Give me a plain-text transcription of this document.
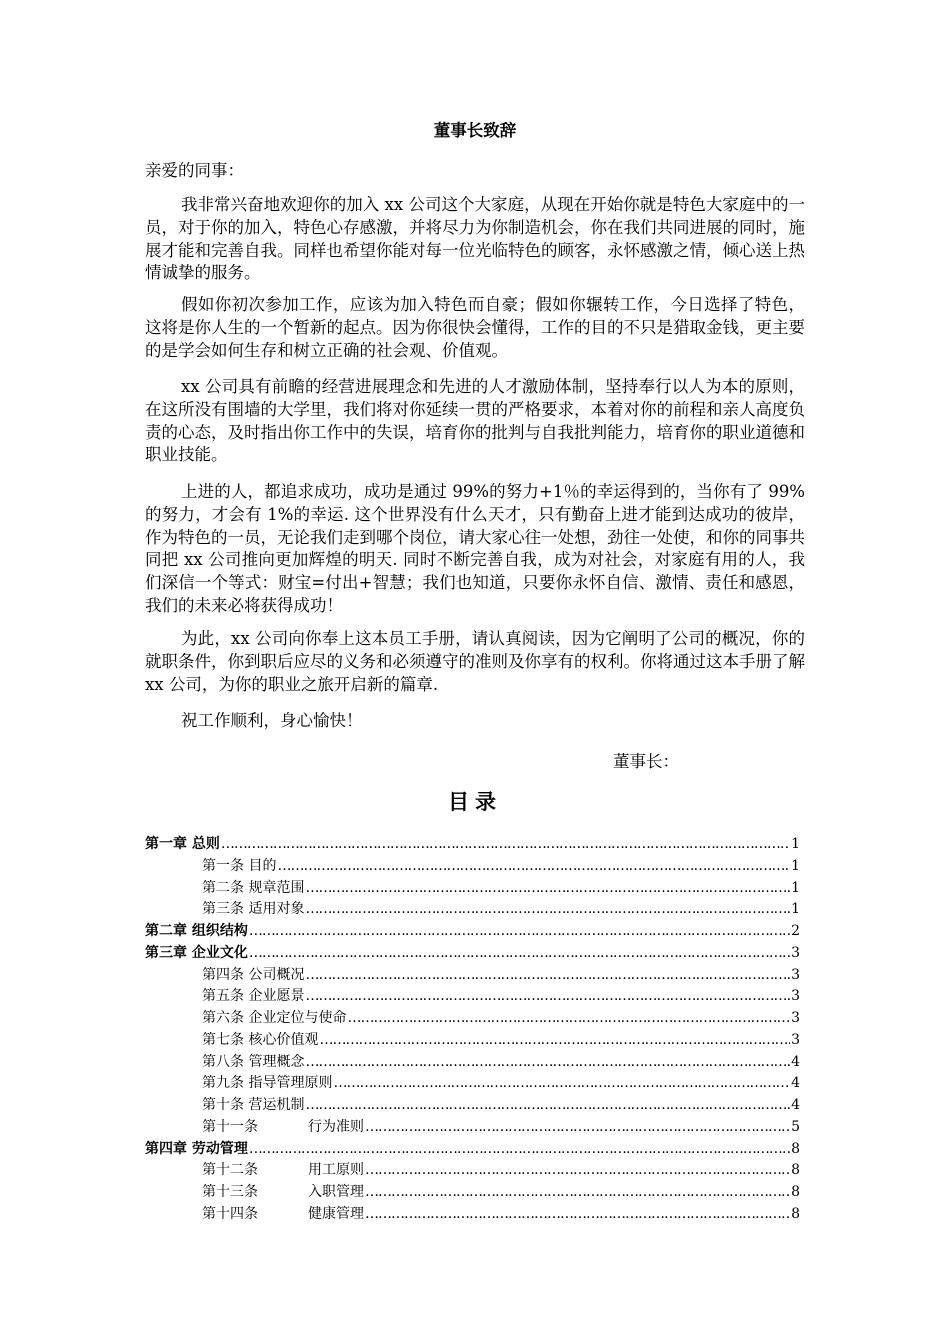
董事长致辞
亲爱的同事：

我非常兴奋地欢迎你的加入 xx 公司这个大家庭，从现在开始你就是特色大家庭中的一员，对于你的加入，特色心存感激，并将尽力为你制造机会，你在我们共同进展的同时，施展才能和完善自我。同样也希望你能对每一位光临特色的顾客，永怀感激之情，倾心送上热情诚挚的服务。

假如你初次参加工作，应该为加入特色而自豪；假如你辗转工作，今日选择了特色，这将是你人生的一个暂新的起点。因为你很快会懂得，工作的目的不只是猎取金钱，更主要的是学会如何生存和树立正确的社会观、价值观。

xx 公司具有前瞻的经营进展理念和先进的人才激励体制，坚持奉行以人为本的原则，在这所没有围墙的大学里，我们将对你延续一贯的严格要求，本着对你的前程和亲人高度负责的心态，及时指出你工作中的失误，培育你的批判与自我批判能力，培育你的职业道德和职业技能。

上进的人，都追求成功，成功是通过 99%的努力+1％的幸运得到的，当你有了 99%的努力，才会有 1%的幸运. 这个世界没有什么天才，只有勤奋上进才能到达成功的彼岸，作为特色的一员，无论我们走到哪个岗位，请大家心往一处想，劲往一处使，和你的同事共同把 xx 公司推向更加辉煌的明天. 同时不断完善自我，成为对社会，对家庭有用的人，我们深信一个等式：财宝=付出+智慧；我们也知道，只要你永怀自信、激情、责任和感恩，我们的未来必将获得成功！

为此，xx 公司向你奉上这本员工手册，请认真阅读，因为它阐明了公司的概况，你的就职条件，你到职后应尽的义务和必须遵守的准则及你享有的权利。你将通过这本手册了解 xx 公司，为你的职业之旅开启新的篇章.

祝工作顺利，身心愉快！

董事长：
目录
第一章 总则 …………………………………………………………………………………………………………………………………………………………………………………………………………………………………………………………………	1
第一条 目的 …………………………………………………………………………………………………………………………………………………………………………………………………………………………………………………………………	1
第二条 规章范围 …………………………………………………………………………………………………………………………………………………………………………………………………………………………………………………………………	1
第三条 适用对象 …………………………………………………………………………………………………………………………………………………………………………………………………………………………………………………………………	1
第二章 组织结构 …………………………………………………………………………………………………………………………………………………………………………………………………………………………………………………………………	2
第三章 企业文化 …………………………………………………………………………………………………………………………………………………………………………………………………………………………………………………………………	3
第四条 公司概况 …………………………………………………………………………………………………………………………………………………………………………………………………………………………………………………………………	3
第五条 企业愿景 …………………………………………………………………………………………………………………………………………………………………………………………………………………………………………………………………	3
第六条 企业定位与使命 …………………………………………………………………………………………………………………………………………………………………………………………………………………………………………………………………	3
第七条 核心价值观 …………………………………………………………………………………………………………………………………………………………………………………………………………………………………………………………………	3
第八条 管理概念 …………………………………………………………………………………………………………………………………………………………………………………………………………………………………………………………………	4
第九条 指导管理原则 …………………………………………………………………………………………………………………………………………………………………………………………………………………………………………………………………	4
第十条 营运机制 …………………………………………………………………………………………………………………………………………………………………………………………………………………………………………………………………	4
第十一条	行为准则 …………………………………………………………………………………………………………………………………………………………………………………………………………………………………………………………………	5
第四章 劳动管理 …………………………………………………………………………………………………………………………………………………………………………………………………………………………………………………………………	8
第十二条	用工原则 …………………………………………………………………………………………………………………………………………………………………………………………………………………………………………………………………	8
第十三条	入职管理 …………………………………………………………………………………………………………………………………………………………………………………………………………………………………………………………………	8
第十四条	健康管理 …………………………………………………………………………………………………………………………………………………………………………………………………………………………………………………………………	8
